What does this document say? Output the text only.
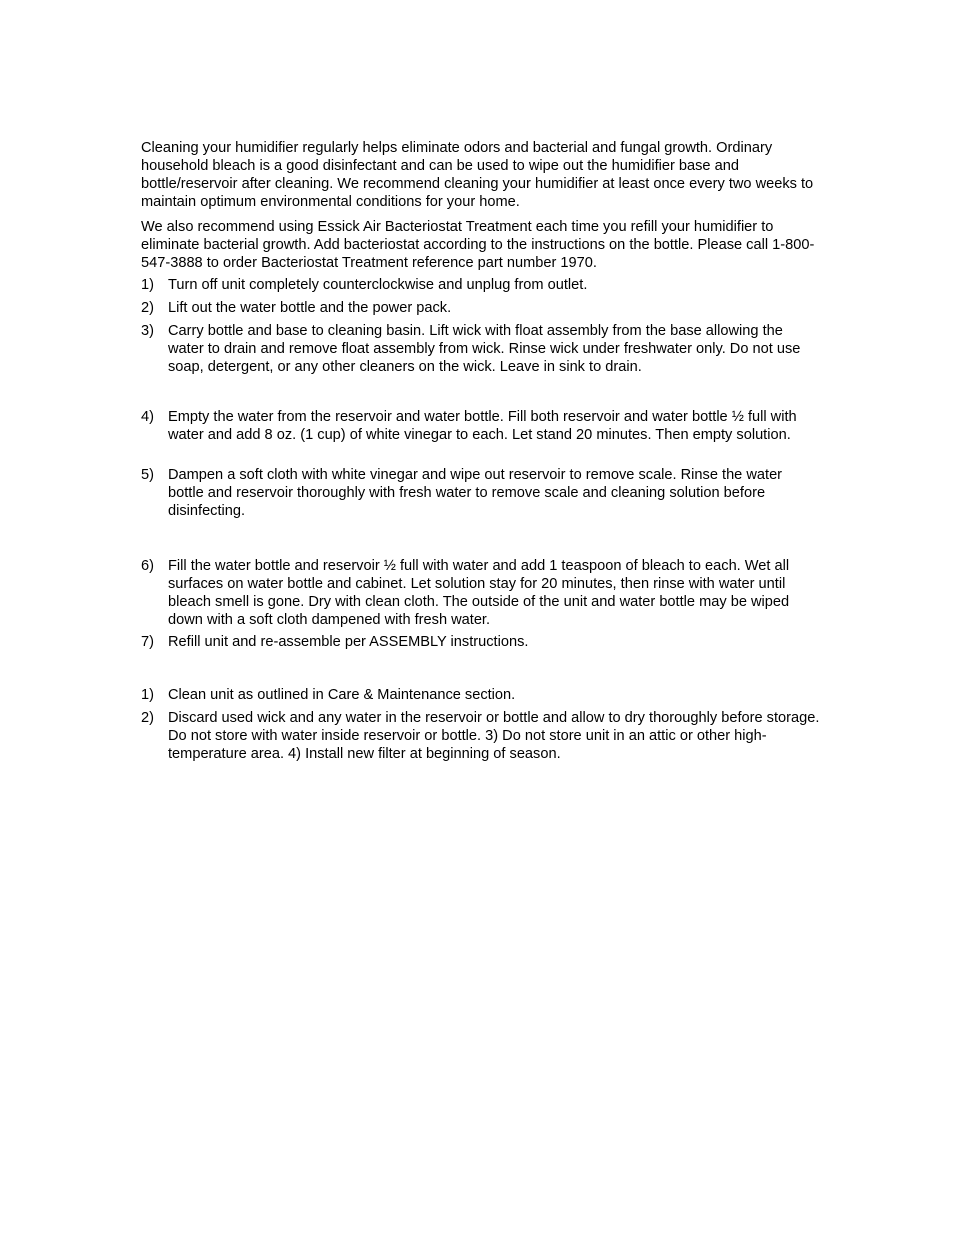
Cleaning your humidifier regularly helps eliminate odors and bacterial and fungal growth. Ordinary household bleach is a good disinfectant and can be used to wipe out the humidifier base and bottle/reservoir after cleaning. We recommend cleaning your humidifier at least once every two weeks to maintain optimum environmental conditions for your home.

We also recommend using Essick Air Bacteriostat Treatment each time you refill your humidifier to eliminate bacterial growth. Add bacteriostat according to the instructions on the bottle. Please call 1-800-547-3888 to order Bacteriostat Treatment reference part number 1970.

1) Turn off unit completely counterclockwise and unplug from outlet.

2) Lift out the water bottle and the power pack.

3) Carry bottle and base to cleaning basin. Lift wick with float assembly from the base allowing the water to drain and remove float assembly from wick. Rinse wick under freshwater only. Do not use soap, detergent, or any other cleaners on the wick. Leave in sink to drain.

4) Empty the water from the reservoir and water bottle. Fill both reservoir and water bottle ½ full with water and add 8 oz. (1 cup) of white vinegar to each. Let stand 20 minutes. Then empty solution.

5) Dampen a soft cloth with white vinegar and wipe out reservoir to remove scale. Rinse the water bottle and reservoir thoroughly with fresh water to remove scale and cleaning solution before disinfecting.

6) Fill the water bottle and reservoir ½ full with water and add 1 teaspoon of bleach to each. Wet all surfaces on water bottle and cabinet. Let solution stay for 20 minutes, then rinse with water until bleach smell is gone. Dry with clean cloth. The outside of the unit and water bottle may be wiped down with a soft cloth dampened with fresh water.

7) Refill unit and re-assemble per ASSEMBLY instructions.

1) Clean unit as outlined in Care & Maintenance section.

2) Discard used wick and any water in the reservoir or bottle and allow to dry thoroughly before storage. Do not store with water inside reservoir or bottle. 3) Do not store unit in an attic or other high-temperature area. 4) Install new filter at beginning of season.
